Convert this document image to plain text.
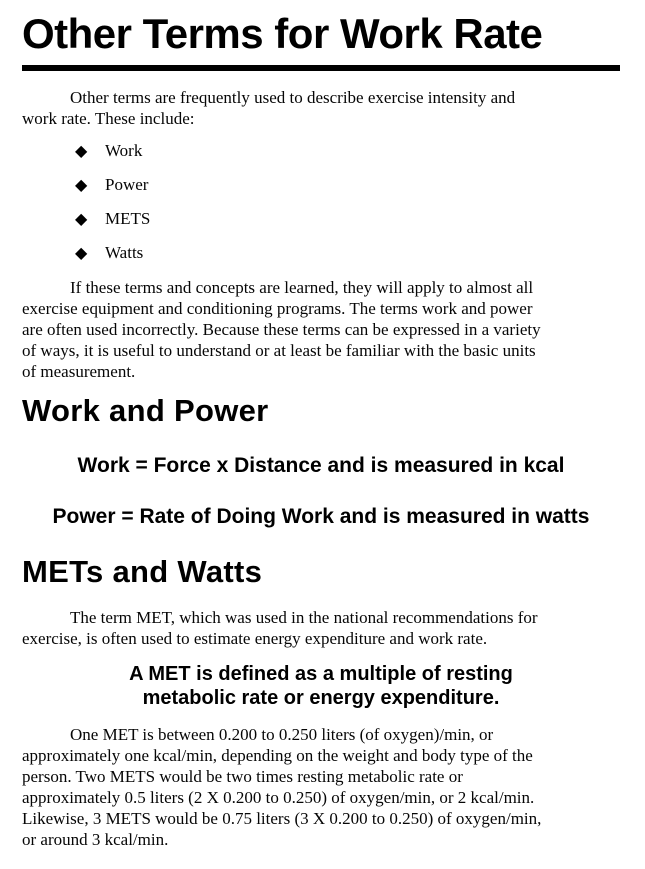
Other Terms for Work Rate

Other terms are frequently used to describe exercise intensity and
work rate. These include:

◆ Work
◆ Power
◆ METS
◆ Watts

If these terms and concepts are learned, they will apply to almost all
exercise equipment and conditioning programs. The terms work and power
are often used incorrectly. Because these terms can be expressed in a variety
of ways, it is useful to understand or at least be familiar with the basic units
of measurement.

Work and Power

Work = Force x Distance and is measured in kcal

Power = Rate of Doing Work and is measured in watts

METs and Watts

The term MET, which was used in the national recommendations for
exercise, is often used to estimate energy expenditure and work rate.

A MET is defined as a multiple of resting
metabolic rate or energy expenditure.

One MET is between 0.200 to 0.250 liters (of oxygen)/min, or
approximately one kcal/min, depending on the weight and body type of the
person. Two METS would be two times resting metabolic rate or
approximately 0.5 liters (2 X 0.200 to 0.250) of oxygen/min, or 2 kcal/min.
Likewise, 3 METS would be 0.75 liters (3 X 0.200 to 0.250) of oxygen/min,
or around 3 kcal/min.
